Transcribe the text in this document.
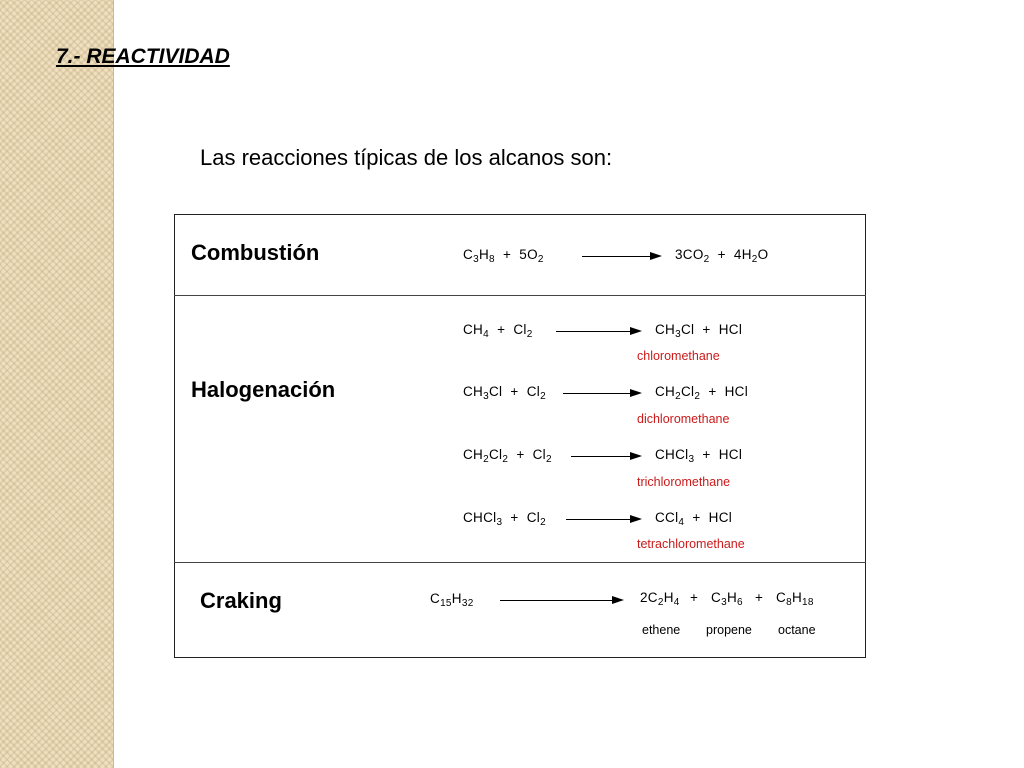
7.- REACTIVIDAD
Las reacciones típicas de los alcanos son:
Combustión	$C_3H_8 + 5O_2$	$3CO_2 + 4H_2O$
Halogenación
$CH_4 + Cl_2$	$CH_3Cl$  +  HCl
chloromethane
$CH_3Cl + Cl_2$	$CH_2Cl_2$  +  HCl
dichloromethane
$CH_2Cl_2 + Cl_2$	CHCl$_3$  +  HCl
trichloromethane
CHCl$_3$  +  $Cl_2$	CCl$_4$  +  HCl
tetrachloromethane
Craking	$C_{15}H_{32}$	$2C_2H_4 + C_3H_6 + C_8H_{18}$
ethene propene octane
